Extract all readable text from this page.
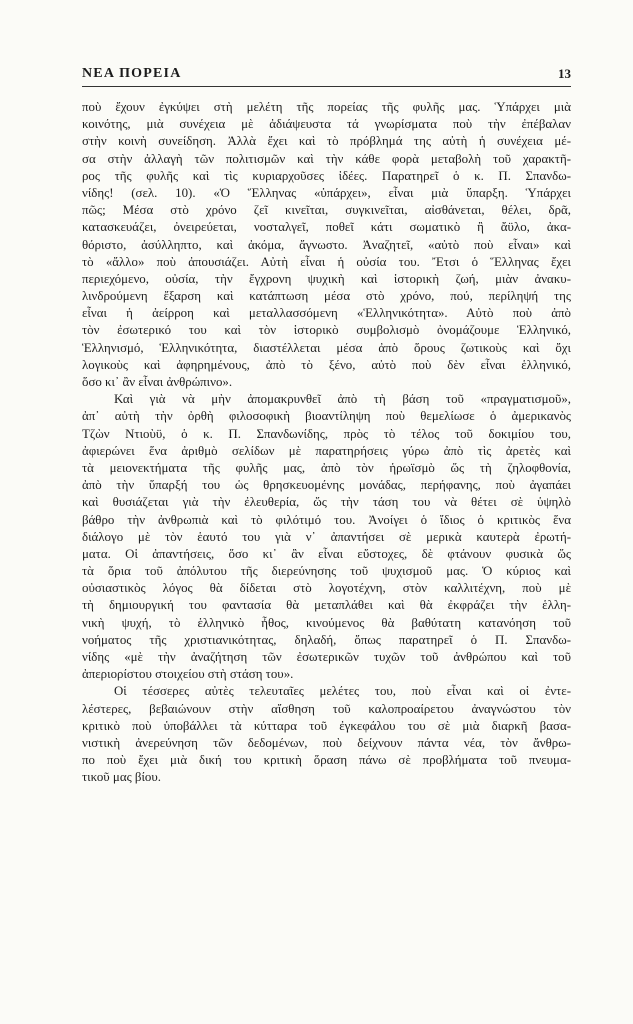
ΝΕΑ ΠΟΡΕΙΑ	13

ποὺ ἔχουν ἐγκύψει στὴ μελέτη τῆς πορείας τῆς φυλῆς μας. Ὑπάρχει μιὰ
κοινότης, μιὰ συνέχεια μὲ ἀδιάψευστα τά γνωρίσματα ποὺ τὴν ἐπέβαλαν
στὴν κοινὴ συνείδηση. Ἀλλὰ ἔχει καὶ τὸ πρόβλημά της αὐτὴ ἡ συνέχεια μέ-
σα στὴν ἀλλαγὴ τῶν πολιτισμῶν καὶ τὴν κάθε φορὰ μεταβολὴ τοῦ χαρακτῆ-
ρος τῆς φυλῆς καὶ τὶς κυριαρχοῦσες ἰδέες. Παρατηρεῖ ὁ κ. Π. Σπανδω-
νίδης! (σελ. 10). «Ὁ Ἕλληνας «ὑπάρχει», εἶναι μιὰ ὕπαρξη. Ὑπάρχει
πῶς; Μέσα στὸ χρόνο ζεῖ κινεῖται, συγκινεῖται, αἰσθάνεται, θέλει, δρᾶ,
κατασκευάζει, ὀνειρεύεται, νοσταλγεῖ, ποθεῖ κάτι σωματικὸ ἢ ἄϋλο, ἀκα-
θόριστο, ἀσύλληπτο, καὶ ἀκόμα, ἄγνωστο. Ἀναζητεῖ, «αὐτὸ ποὺ εἶναι» καὶ
τὸ «ἄλλο» ποὺ ἀπουσιάζει. Αὐτὴ εἶναι ἡ οὐσία του. Ἔτσι ὁ Ἕλληνας ἔχει
περιεχόμενο, οὐσία, τὴν ἔγχρονη ψυχικὴ καὶ ἱστορικὴ ζωή, μιὰν ἀνακυ-
λινδρούμενη ἔξαρση καὶ κατάπτωση μέσα στὸ χρόνο, πού, περίληψή της
εἶναι ἡ ἀείρροη καὶ μεταλλασσόμενη «Ἑλληνικότητα». Αὐτὸ ποὺ ἀπὸ
τὸν ἐσωτερικό του καὶ τὸν ἱστορικὸ συμβολισμὸ ὀνομάζουμε Ἑλληνικό,
Ἑλληνισμό, Ἑλληνικότητα, διαστέλλεται μέσα ἀπὸ ὅρους ζωτικοὺς καὶ ὄχι
λογικοὺς καὶ ἀφηρημένους, ἀπὸ τὸ ξένο, αὐτὸ ποὺ δὲν εἶναι ἑλληνικό,
ὅσο κι᾿ ἂν εἶναι ἀνθρώπινο».

Καὶ γιὰ νὰ μὴν ἀπομακρυνθεῖ ἀπὸ τὴ βάση τοῦ «πραγματισμοῦ»,
ἀπ᾿ αὐτὴ τὴν ὀρθὴ φιλοσοφικὴ βιοαντίληψη ποὺ θεμελίωσε ὁ ἀμερικανὸς
Τζὼν Ντιοὺϋ, ὁ κ. Π. Σπανδωνίδης, πρὸς τὸ τέλος τοῦ δοκιμίου του,
ἀφιερώνει ἕνα ἀριθμὸ σελίδων μὲ παρατηρήσεις γύρω ἀπὸ τὶς ἀρετὲς καὶ
τὰ μειονεκτήματα τῆς φυλῆς μας, ἀπὸ τὸν ἡρωϊσμὸ ὥς τὴ ζηλοφθονία,
ἀπὸ τὴν ὕπαρξή του ὡς θρησκευομένης μονάδας, περήφανης, ποὺ ἀγαπάει
καὶ θυσιάζεται γιὰ τὴν ἐλευθερία, ὥς τὴν τάση του νὰ θέτει σὲ ὑψηλὸ
βάθρο τὴν ἀνθρωπιὰ καὶ τὸ φιλότιμό του. Ἀνοίγει ὁ ἴδιος ὁ κριτικὸς ἕνα
διάλογο μὲ τὸν ἑαυτό του γιὰ ν᾿ ἀπαντήσει σὲ μερικὰ καυτερὰ ἐρωτή-
ματα. Οἱ ἀπαντήσεις, ὅσο κι᾿ ἂν εἶναι εὔστοχες, δὲ φτάνουν φυσικὰ ὥς
τὰ ὅρια τοῦ ἀπόλυτου τῆς διερεύνησης τοῦ ψυχισμοῦ μας. Ὁ κύριος καὶ
οὐσιαστικὸς λόγος θὰ δίδεται στὸ λογοτέχνη, στὸν καλλιτέχνη, ποὺ μὲ
τὴ δημιουργική του φαντασία θὰ μεταπλάθει καὶ θὰ ἐκφράζει τὴν ἑλλη-
νικὴ ψυχή, τὸ ἑλληνικὸ ἦθος, κινούμενος θὰ βαθύτατη κατανόηση τοῦ
νοήματος τῆς χριστιανικότητας, δηλαδή, ὅπως παρατηρεῖ ὁ Π. Σπανδω-
νίδης «μὲ τὴν ἀναζήτηση τῶν ἐσωτερικῶν τυχῶν τοῦ ἀνθρώπου καὶ τοῦ
ἀπεριορίστου στοιχείου στὴ στάση του».

Οἱ τέσσερες αὐτὲς τελευταῖες μελέτες του, ποὺ εἶναι καὶ οἱ ἐντε-
λέστερες, βεβαιώνουν στὴν αἴσθηση τοῦ καλοπροαίρετου ἀναγνώστου τὸν
κριτικὸ ποὺ ὑποβάλλει τὰ κύτταρα τοῦ ἐγκεφάλου του σὲ μιὰ διαρκῆ βασα-
νιστικὴ ἀνερεύνηση τῶν δεδομένων, ποὺ δείχνουν πάντα νέα, τὸν ἄνθρω-
πο ποὺ ἔχει μιὰ δική του κριτικὴ ὅραση πάνω σὲ προβλήματα τοῦ πνευμα-
τικοῦ μας βίου.
